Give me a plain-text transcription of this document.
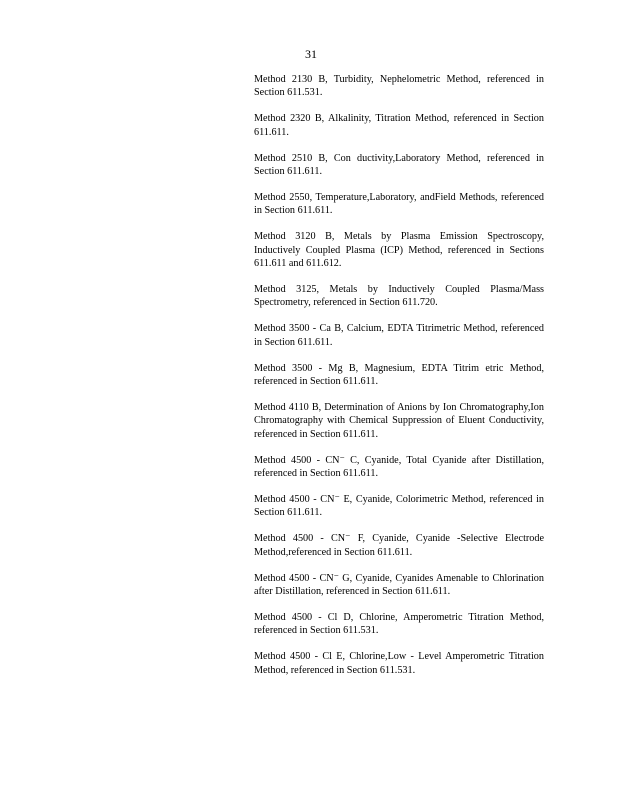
31
Method 2130 B, Turbidity, Nephelometric Method, referenced in Section 611.531.
Method 2320 B, Alkalinity, Titration Method, referenced in Section 611.611.
Method 2510 B, Con ductivity,Laboratory Method, referenced in Section 611.611.
Method 2550, Temperature,Laboratory, andField Methods, referenced in Section 611.611.
Method 3120 B, Metals by Plasma Emission Spectroscopy, Inductively Coupled Plasma (ICP) Method, referenced in Sections 611.611 and 611.612.
Method 3125, Metals by Inductively Coupled Plasma/Mass Spectrometry, referenced in Section 611.720.
Method 3500 - Ca B, Calcium, EDTA Titrimetric Method, referenced in Section 611.611.
Method 3500 - Mg B, Magnesium, EDTA Titrim etric Method, referenced in Section 611.611.
Method 4110 B, Determination of Anions by Ion Chromatography,Ion Chromatography with Chemical Suppression of Eluent Conductivity, referenced in Section 611.611.
Method 4500 - CN⁻ C, Cyanide, Total Cyanide after Distillation, referenced in Section 611.611.
Method 4500 - CN⁻ E, Cyanide, Colorimetric Method, referenced in Section 611.611.
Method 4500 - CN⁻ F, Cyanide, Cyanide -Selective Electrode Method,referenced in Section 611.611.
Method 4500 - CN⁻ G, Cyanide, Cyanides Amenable to Chlorination after Distillation, referenced in Section 611.611.
Method 4500 - Cl D, Chlorine, Amperometric Titration Method, referenced in Section 611.531.
Method 4500 - Cl E, Chlorine,Low - Level Amperometric Titration Method, referenced in Section 611.531.
